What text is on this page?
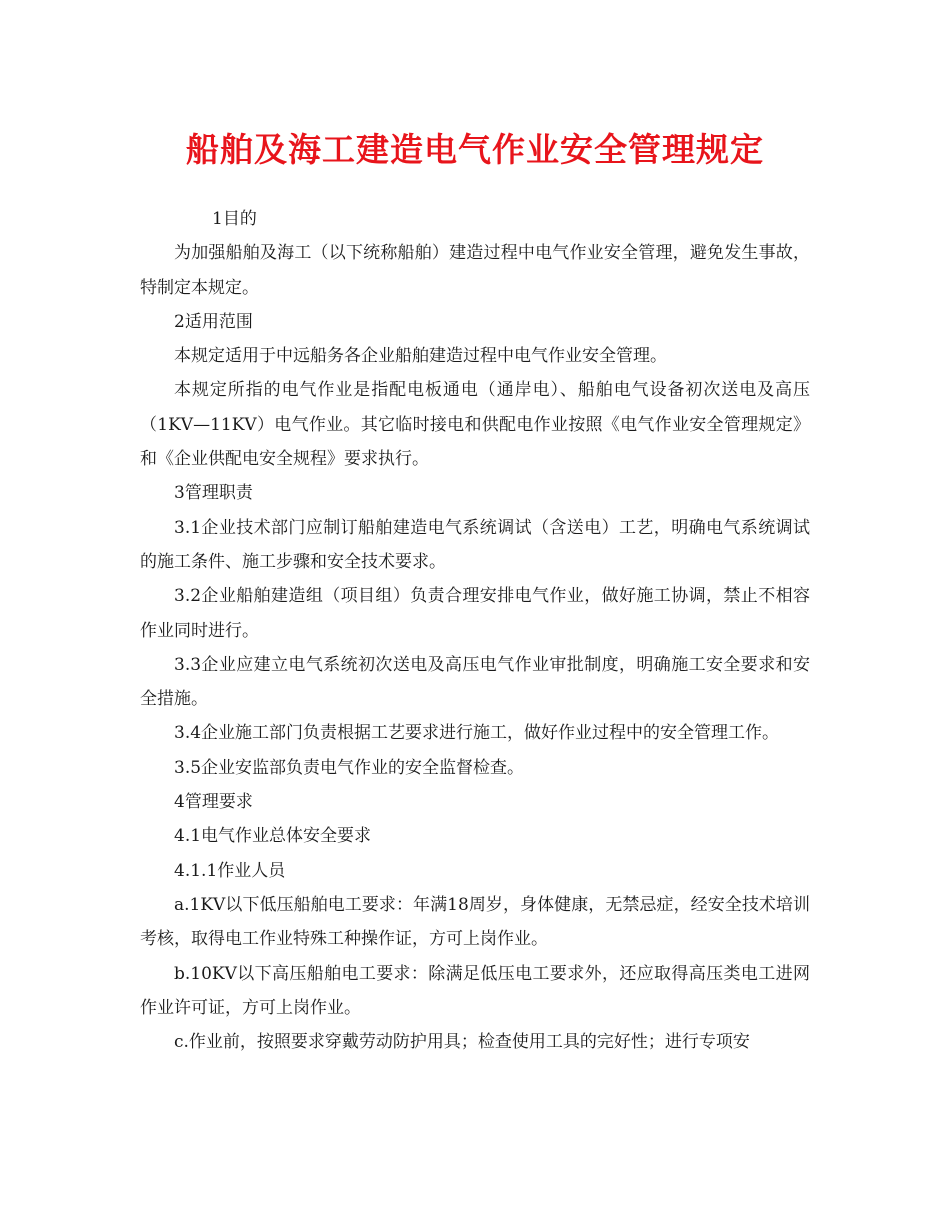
船舶及海工建造电气作业安全管理规定

1目的

为加强船舶及海工（以下统称船舶）建造过程中电气作业安全管理，避免发生事故，特制定本规定。

2适用范围

本规定适用于中远船务各企业船舶建造过程中电气作业安全管理。

本规定所指的电气作业是指配电板通电（通岸电）、船舶电气设备初次送电及高压（1KV—11KV）电气作业。其它临时接电和供配电作业按照《电气作业安全管理规定》和《企业供配电安全规程》要求执行。

3管理职责

3.1企业技术部门应制订船舶建造电气系统调试（含送电）工艺，明确电气系统调试的施工条件、施工步骤和安全技术要求。

3.2企业船舶建造组（项目组）负责合理安排电气作业，做好施工协调，禁止不相容作业同时进行。

3.3企业应建立电气系统初次送电及高压电气作业审批制度，明确施工安全要求和安全措施。

3.4企业施工部门负责根据工艺要求进行施工，做好作业过程中的安全管理工作。

3.5企业安监部负责电气作业的安全监督检查。

4管理要求

4.1电气作业总体安全要求

4.1.1作业人员

a.1KV以下低压船舶电工要求：年满18周岁，身体健康，无禁忌症，经安全技术培训考核，取得电工作业特殊工种操作证，方可上岗作业。

b.10KV以下高压船舶电工要求：除满足低压电工要求外，还应取得高压类电工进网作业许可证，方可上岗作业。

c.作业前，按照要求穿戴劳动防护用具；检查使用工具的完好性；进行专项安
